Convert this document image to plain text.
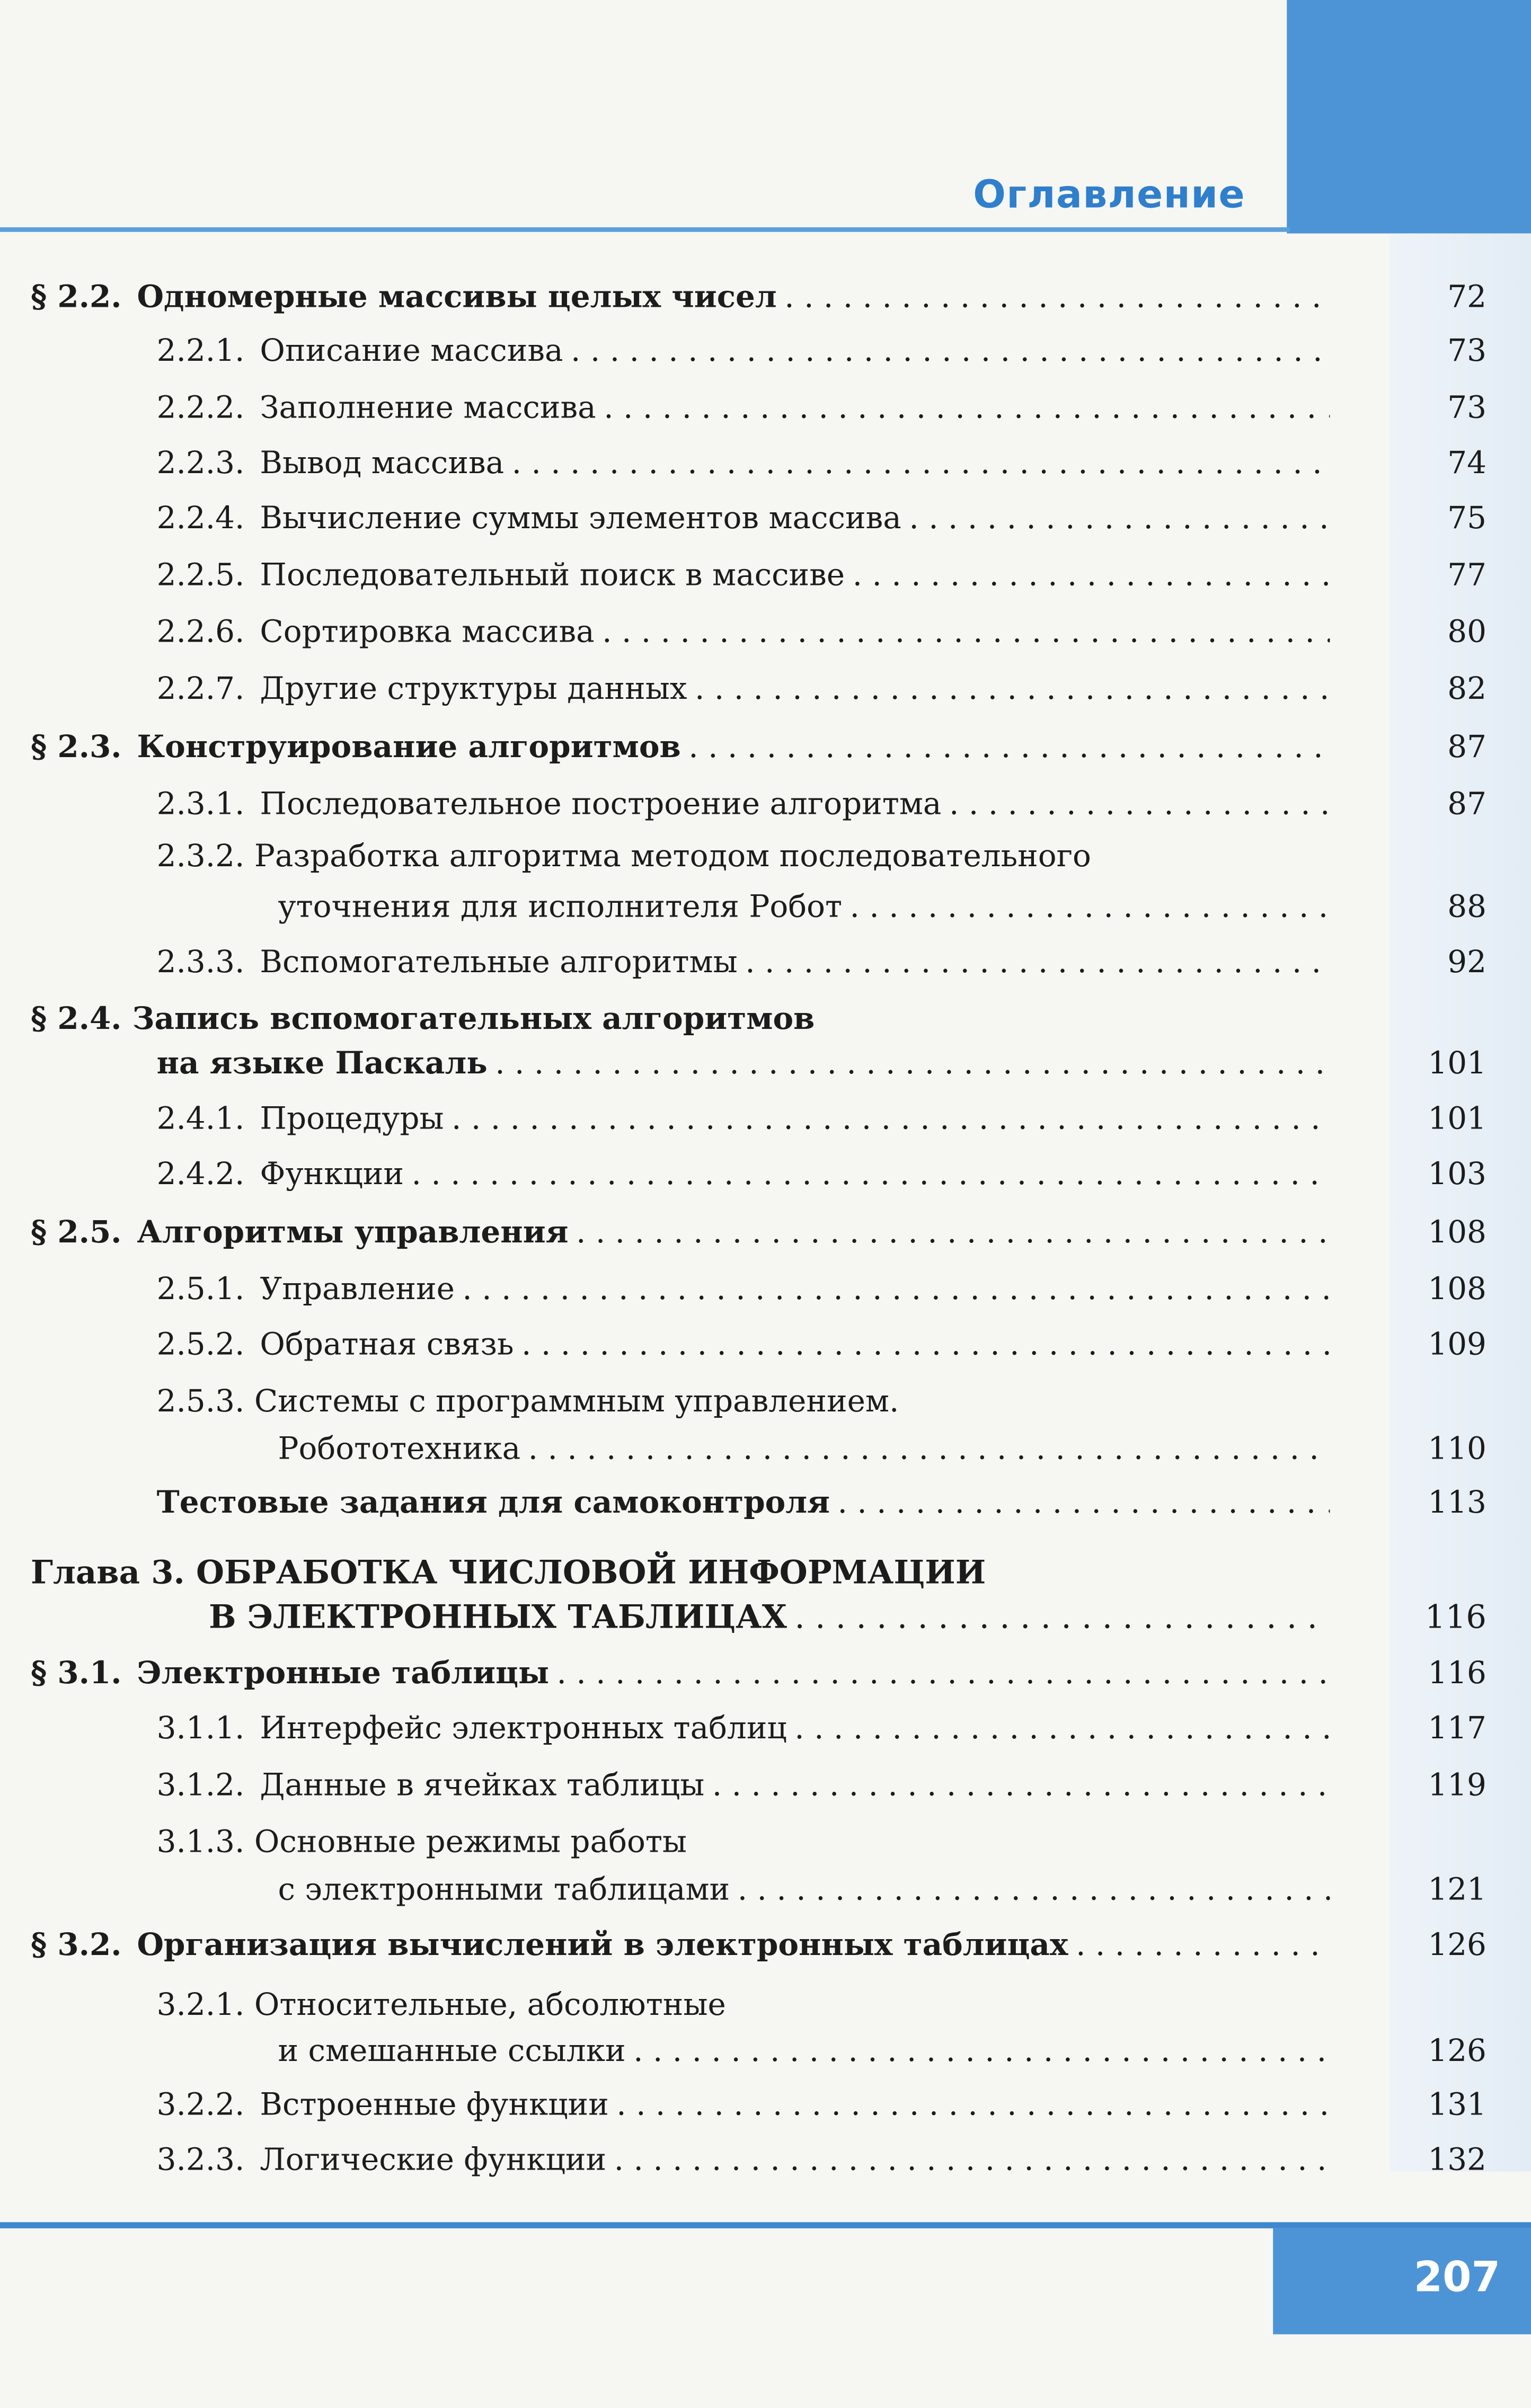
Оглавление
§ 2.2.	Одномерные массивы целых чисел . . .	72
2.2.1.	Описание массива . . .	73
2.2.2.	Заполнение массива . . .	73
2.2.3.	Вывод массива . . .	74
2.2.4.	Вычисление суммы элементов массива . . .	75
2.2.5.	Последовательный поиск в массиве . . .	77
2.2.6.	Сортировка массива . . .	80
2.2.7.	Другие структуры данных . . .	82
§ 2.3.	Конструирование алгоритмов . . .	87
2.3.1.	Последовательное построение алгоритма . . .	87
2.3.2. Разработка алгоритма методом последовательного
уточнения для исполнителя Робот . . .	88
2.3.3.	Вспомогательные алгоритмы . . .	92
§ 2.4. Запись вспомогательных алгоритмов
на языке Паскаль . . .	101
2.4.1.	Процедуры . . .	101
2.4.2.	Функции . . .	103
§ 2.5.	Алгоритмы управления . . .	108
2.5.1.	Управление . . .	108
2.5.2.	Обратная связь . . .	109
2.5.3. Системы с программным управлением.
Робототехника . . .	110
Тестовые задания для самоконтроля . . .	113
Глава 3. ОБРАБОТКА ЧИСЛОВОЙ ИНФОРМАЦИИ
В ЭЛЕКТРОННЫХ ТАБЛИЦАХ . . .	116
§ 3.1.	Электронные таблицы . . .	116
3.1.1.	Интерфейс электронных таблиц . . .	117
3.1.2.	Данные в ячейках таблицы . . .	119
3.1.3. Основные режимы работы
с электронными таблицами . . .	121
§ 3.2.	Организация вычислений в электронных таблицах . . .	126
3.2.1. Относительные, абсолютные
и смешанные ссылки . . .	126
3.2.2.	Встроенные функции . . .	131
3.2.3.	Логические функции . . .	132
207
